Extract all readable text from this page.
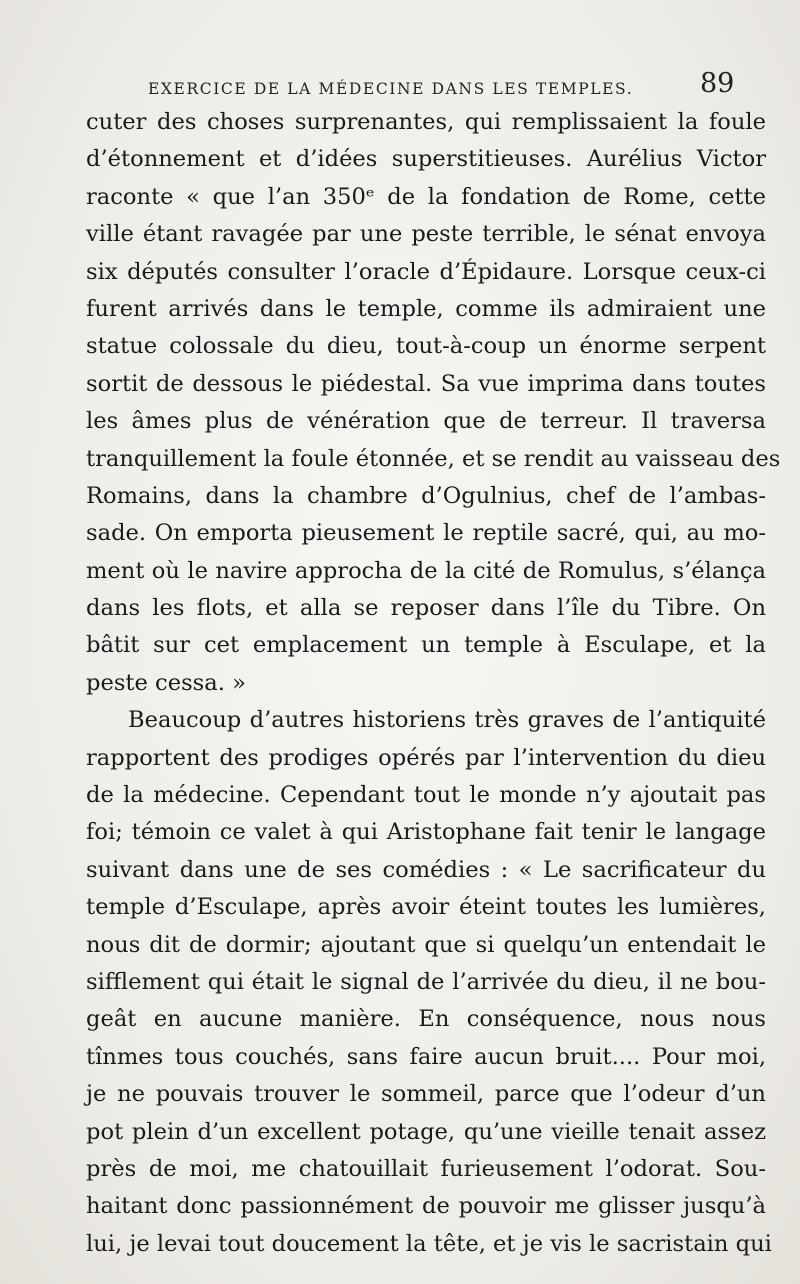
EXERCICE DE LA MÉDECINE DANS LES TEMPLES. 89
cuter des choses surprenantes, qui remplissaient la foule
d’étonnement et d’idées superstitieuses. Aurélius Victor
raconte « que l’an 350ᵉ de la fondation de Rome, cette
ville étant ravagée par une peste terrible, le sénat envoya
six députés consulter l’oracle d’Épidaure. Lorsque ceux-ci
furent arrivés dans le temple, comme ils admiraient une
statue colossale du dieu, tout-à-coup un énorme serpent
sortit de dessous le piédestal. Sa vue imprima dans toutes
les âmes plus de vénération que de terreur. Il traversa
tranquillement la foule étonnée, et se rendit au vaisseau des
Romains, dans la chambre d’Ogulnius, chef de l’ambas-
sade. On emporta pieusement le reptile sacré, qui, au mo-
ment où le navire approcha de la cité de Romulus, s’élança
dans les flots, et alla se reposer dans l’île du Tibre. On
bâtit sur cet emplacement un temple à Esculape, et la
peste cessa. »
Beaucoup d’autres historiens très graves de l’antiquité
rapportent des prodiges opérés par l’intervention du dieu
de la médecine. Cependant tout le monde n’y ajoutait pas
foi; témoin ce valet à qui Aristophane fait tenir le langage
suivant dans une de ses comédies : « Le sacrificateur du
temple d’Esculape, après avoir éteint toutes les lumières,
nous dit de dormir; ajoutant que si quelqu’un entendait le
sifflement qui était le signal de l’arrivée du dieu, il ne bou-
geât en aucune manière. En conséquence, nous nous
tînmes tous couchés, sans faire aucun bruit.... Pour moi,
je ne pouvais trouver le sommeil, parce que l’odeur d’un
pot plein d’un excellent potage, qu’une vieille tenait assez
près de moi, me chatouillait furieusement l’odorat. Sou-
haitant donc passionnément de pouvoir me glisser jusqu’à
lui, je levai tout doucement la tête, et je vis le sacristain qui
